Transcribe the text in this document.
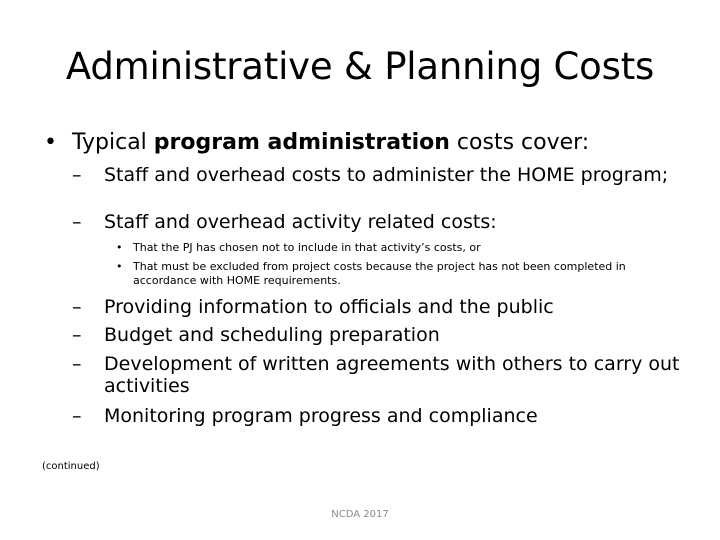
Administrative & Planning Costs
• Typical program administration costs cover:
–	Staff and overhead costs to administer the HOME program;
–	Staff and overhead activity related costs:
• That the PJ has chosen not to include in that activity’s costs, or
• That must be excluded from project costs because the project has not been completed in accordance with HOME requirements.
–	Providing information to officials and the public
–	Budget and scheduling preparation
–	Development of written agreements with others to carry out activities
–	Monitoring program progress and compliance
(continued)
NCDA 2017
